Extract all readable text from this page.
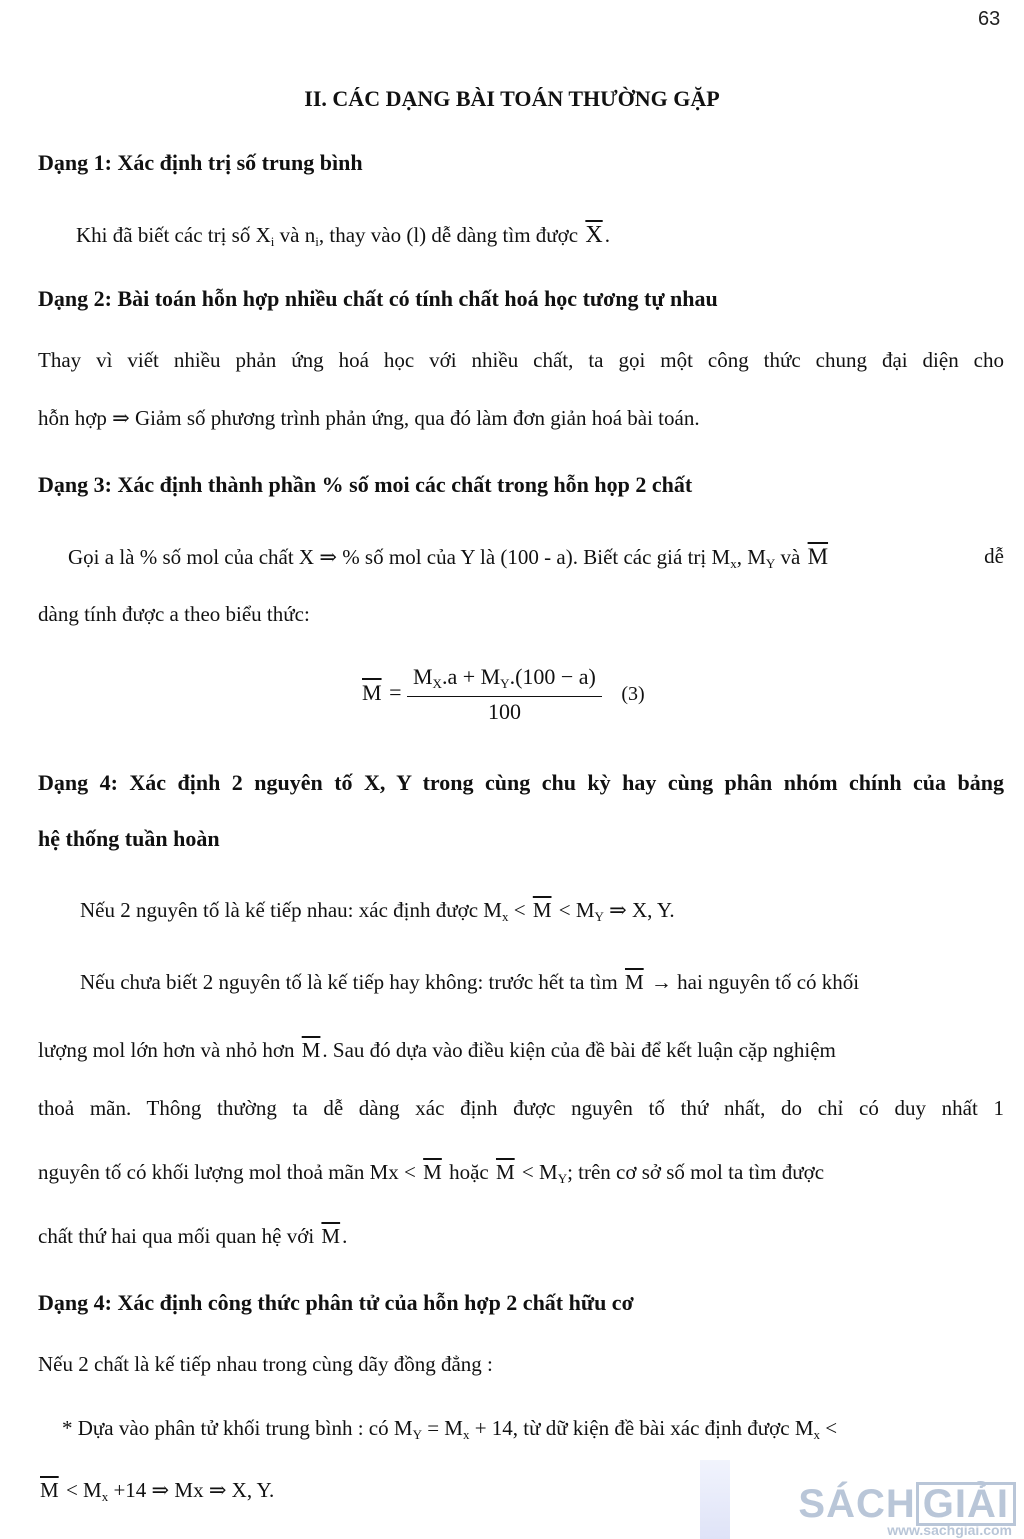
63
II. CÁC DẠNG BÀI TOÁN THƯỜNG GẶP
Dạng 1: Xác định trị số trung bình
Khi đã biết các trị số $X_i$ và $n_i$, thay vào (l) dễ dàng tìm được $\overline{X}$.
Dạng 2: Bài toán hỗn hợp nhiều chất có tính chất hoá học tương tự nhau
Thay vì viết nhiều phản ứng hoá học với nhiều chất, ta gọi một công thức chung đại diện cho
hỗn hợp ⇒ Giảm số phương trình phản ứng, qua đó làm đơn giản hoá bài toán.
Dạng 3: Xác định thành phần % số moi các chất trong hỗn họp 2 chất
Gọi a là % số mol của chất X ⇒ % số mol của Y là (100 - a). Biết các giá trị $M_x$, $M_Y$ và $\overline{M}$	dễ
dàng tính được a theo biểu thức:
$\overline{M} = \frac{M_X.a + M_Y.(100 - a)}{100} (3)$
Dạng 4: Xác định 2 nguyên tố X, Y trong cùng chu kỳ hay cùng phân nhóm chính của bảng
hệ thống tuần hoàn
Nếu 2 nguyên tố là kế tiếp nhau: xác định được $M_x < \overline{M} < M_Y$ ⇒ X, Y.
Nếu chưa biết 2 nguyên tố là kế tiếp hay không: trước hết ta tìm $\overline{M}$ → hai nguyên tố có khối
lượng mol lớn hơn và nhỏ hơn $\overline{M}$. Sau đó dựa vào điều kiện của đề bài để kết luận cặp nghiệm
thoả mãn. Thông thường ta dễ dàng xác định được nguyên tố thứ nhất, do chỉ có duy nhất 1
nguyên tố có khối lượng mol thoả mãn $Mx < \overline{M}$ hoặc $\overline{M} < M_Y$; trên cơ sở số mol ta tìm được
chất thứ hai qua mối quan hệ với $\overline{M}$.
Dạng 4: Xác định công thức phân tử của hỗn hợp 2 chất hữu cơ
Nếu 2 chất là kế tiếp nhau trong cùng dãy đồng đẳng :
* Dựa vào phân tử khối trung bình : có $M_Y = M_x + 14$, từ dữ kiện đề bài xác định được $M_x$ <
$\overline{M} < M_x +14$ ⇒ Mx ⇒ X, Y.	SÁCH GIẢI
www.sachgiai.com
